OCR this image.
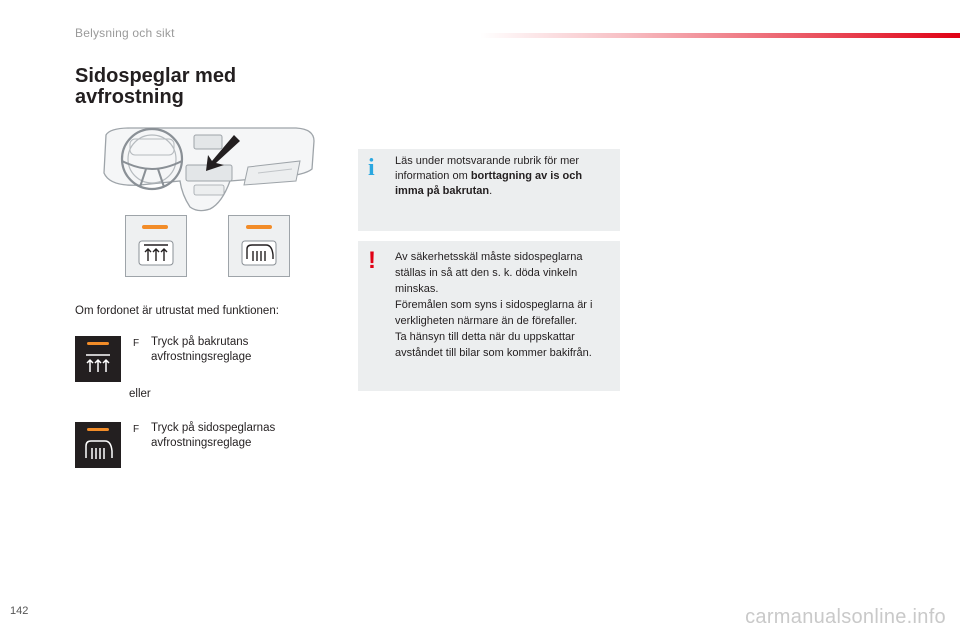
Belysning och sikt
Sidospeglar med
avfrostning
Om fordonet är utrustat med funktionen:
F	Tryck på bakrutans avfrostningsreglage
eller
F	Tryck på sidospeglarnas avfrostningsreglage
i Läs under motsvarande rubrik för mer information om borttagning av is och imma på bakrutan.
! Av säkerhetsskäl måste sidospeglarna ställas in så att den s. k. döda vinkeln minskas.
Föremålen som syns i sidospeglarna är i verkligheten närmare än de förefaller.
Ta hänsyn till detta när du uppskattar avståndet till bilar som kommer bakifrån.
142	carmanualsonline.info
